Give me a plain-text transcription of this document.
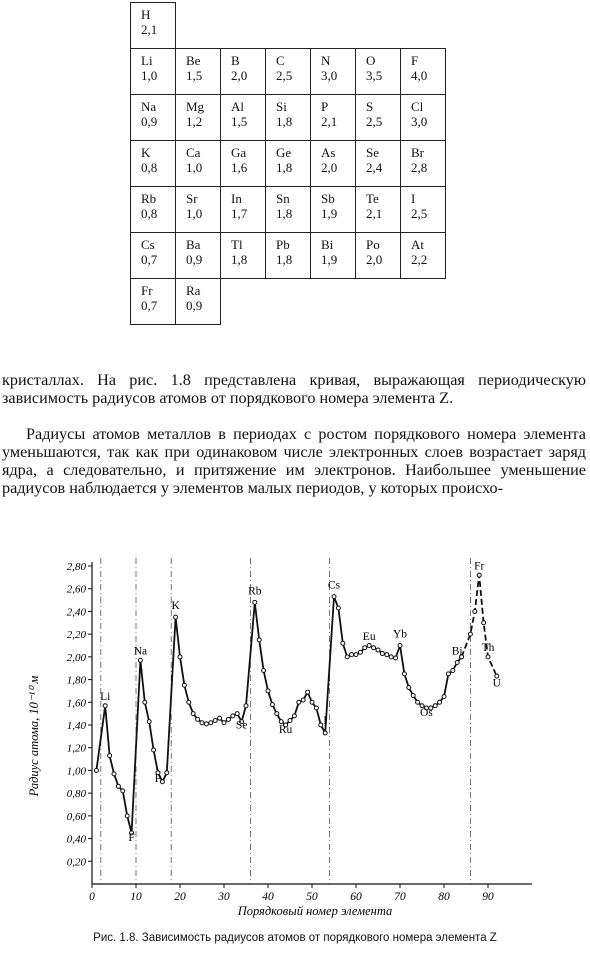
H
2,1						

Li
1,0	Be
1,5	B
2,0	C
2,5	N
3,0	O
3,5	F
4,0

Na
0,9	Mg
1,2	Al
1,5	Si
1,8	P
2,1	S
2,5	Cl
3,0

K
0,8	Ca
1,0	Ga
1,6	Ge
1,8	As
2,0	Se
2,4	Br
2,8

Rb
0,8	Sr
1,0	In
1,7	Sn
1,8	Sb
1,9	Te
2,1	I
2,5

Cs
0,7	Ba
0,9	Tl
1,8	Pb
1,8	Bi
1,9	Po
2,0	At
2,2

Fr
0,7	Ra
0,9					

кристаллах. На рис. 1.8 представлена кривая, выражающая периодическую зависимость радиусов атомов от порядкового номера элемента Z.

Радиусы атомов металлов в периодах с ростом порядкового номера элемента уменьшаются, так как при одинаковом числе электронных слоев возрастает заряд ядра, а следовательно, и притяжение им электронов. Наибольшее уменьшение радиусов наблюдается у элементов малых периодов, у которых происхо-

0	10	20	30	40	50	60	70	80	90
0,20
0,40
0,60
0,80
1,00
1,20
1,40
1,60
1,80
2,00
2,20
2,40
2,60
2,80
Li
Na
K
Rb	Cs
Eu Yb
Bi
Fr
Th
U
F
P
Se	Ru
I
Os
Порядковый номер элемента
Радиус атома, 10⁻¹⁰ м

Рис. 1.8. Зависимость радиусов атомов от порядкового номера элемента Z
